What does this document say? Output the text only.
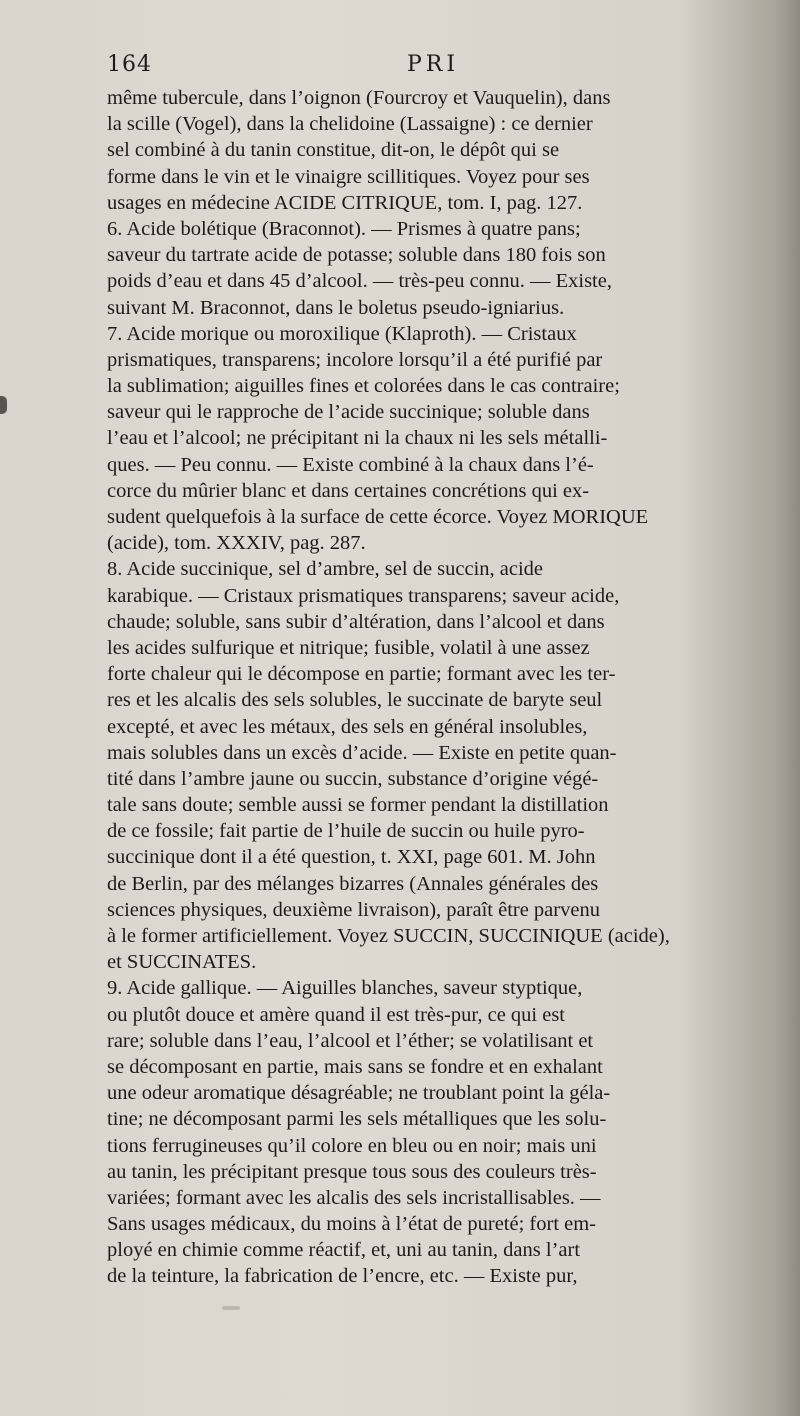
164	PRI
même tubercule, dans l’oignon (Fourcroy et Vauquelin), dans
la scille (Vogel), dans la chelidoine (Lassaigne) : ce dernier
sel combiné à du tanin constitue, dit-on, le dépôt qui se
forme dans le vin et le vinaigre scillitiques. Voyez pour ses
usages en médecine ACIDE CITRIQUE, tom. I, pag. 127.
6. Acide bolétique (Braconnot). — Prismes à quatre pans;
saveur du tartrate acide de potasse; soluble dans 180 fois son
poids d’eau et dans 45 d’alcool. — très-peu connu. — Existe,
suivant M. Braconnot, dans le boletus pseudo-igniarius.
7. Acide morique ou moroxilique (Klaproth). — Cristaux
prismatiques, transparens; incolore lorsqu’il a été purifié par
la sublimation; aiguilles fines et colorées dans le cas contraire;
saveur qui le rapproche de l’acide succinique; soluble dans
l’eau et l’alcool; ne précipitant ni la chaux ni les sels métalli-
ques. — Peu connu. — Existe combiné à la chaux dans l’é-
corce du mûrier blanc et dans certaines concrétions qui ex-
sudent quelquefois à la surface de cette écorce. Voyez MORIQUE
(acide), tom. XXXIV, pag. 287.
8. Acide succinique, sel d’ambre, sel de succin, acide
karabique. — Cristaux prismatiques transparens; saveur acide,
chaude; soluble, sans subir d’altération, dans l’alcool et dans
les acides sulfurique et nitrique; fusible, volatil à une assez
forte chaleur qui le décompose en partie; formant avec les ter-
res et les alcalis des sels solubles, le succinate de baryte seul
excepté, et avec les métaux, des sels en général insolubles,
mais solubles dans un excès d’acide. — Existe en petite quan-
tité dans l’ambre jaune ou succin, substance d’origine végé-
tale sans doute; semble aussi se former pendant la distillation
de ce fossile; fait partie de l’huile de succin ou huile pyro-
succinique dont il a été question, t. XXI, page 601. M. John
de Berlin, par des mélanges bizarres (Annales générales des
sciences physiques, deuxième livraison), paraît être parvenu
à le former artificiellement. Voyez SUCCIN, SUCCINIQUE (acide),
et SUCCINATES.
9. Acide gallique. — Aiguilles blanches, saveur styptique,
ou plutôt douce et amère quand il est très-pur, ce qui est
rare; soluble dans l’eau, l’alcool et l’éther; se volatilisant et
se décomposant en partie, mais sans se fondre et en exhalant
une odeur aromatique désagréable; ne troublant point la géla-
tine; ne décomposant parmi les sels métalliques que les solu-
tions ferrugineuses qu’il colore en bleu ou en noir; mais uni
au tanin, les précipitant presque tous sous des couleurs très-
variées; formant avec les alcalis des sels incristallisables. —
Sans usages médicaux, du moins à l’état de pureté; fort em-
ployé en chimie comme réactif, et, uni au tanin, dans l’art
de la teinture, la fabrication de l’encre, etc. — Existe pur,
